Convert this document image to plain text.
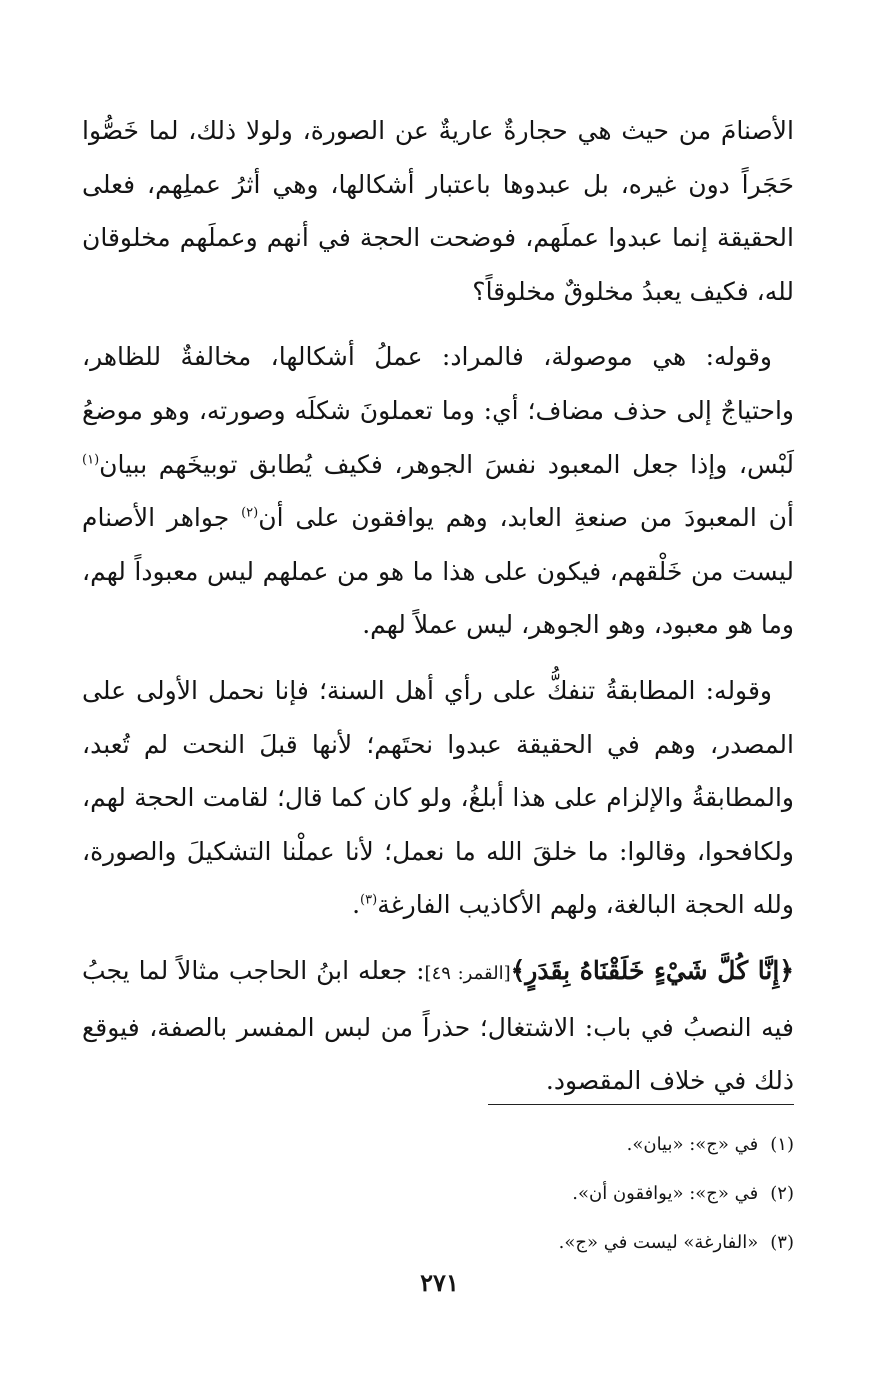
الأصنامَ من حيث هي حجارةٌ عاريةٌ عن الصورة، ولولا ذلك، لما خَصُّوا حَجَراً دون غيره، بل عبدوها باعتبار أشكالها، وهي أثرُ عملِهم، فعلى الحقيقة إنما عبدوا عملَهم، فوضحت الحجة في أنهم وعملَهم مخلوقان لله، فكيف يعبدُ مخلوقٌ مخلوقاً؟

وقوله: هي موصولة، فالمراد: عملُ أشكالها، مخالفةٌ للظاهر، واحتياجٌ إلى حذف مضاف؛ أي: وما تعملونَ شكلَه وصورته، وهو موضعُ لَبْس، وإذا جعل المعبود نفسَ الجوهر، فكيف يُطابق توبيخَهم ببيان$^{(١)}$ أن المعبودَ من صنعةِ العابد، وهم يوافقون على أن$^{(٢)}$ جواهر الأصنام ليست من خَلْقهم، فيكون على هذا ما هو من عملهم ليس معبوداً لهم، وما هو معبود، وهو الجوهر، ليس عملاً لهم.

وقوله: المطابقةُ تنفكُّ على رأي أهل السنة؛ فإنا نحمل الأولى على المصدر، وهم في الحقيقة عبدوا نحتَهم؛ لأنها قبلَ النحت لم تُعبد، والمطابقةُ والإلزام على هذا أبلغُ، ولو كان كما قال؛ لقامت الحجة لهم، ولكافحوا، وقالوا: ما خلقَ الله ما نعمل؛ لأنا عملْنا التشكيلَ والصورة، ولله الحجة البالغة، ولهم الأكاذيب الفارغة$^{(٣)}$.

﴿إِنَّا كُلَّ شَيْءٍ خَلَقْنَاهُ بِقَدَرٍ﴾[القمر: ٤٩]: جعله ابنُ الحاجب مثالاً لما يجبُ فيه النصبُ في باب: الاشتغال؛ حذراً من لبس المفسر بالصفة، فيوقع ذلك في خلاف المقصود.

(١)في «ج»: «بيان».
(٢)في «ج»: «يوافقون أن».
(٣)«الفارغة» ليست في «ج».
٢٧١
